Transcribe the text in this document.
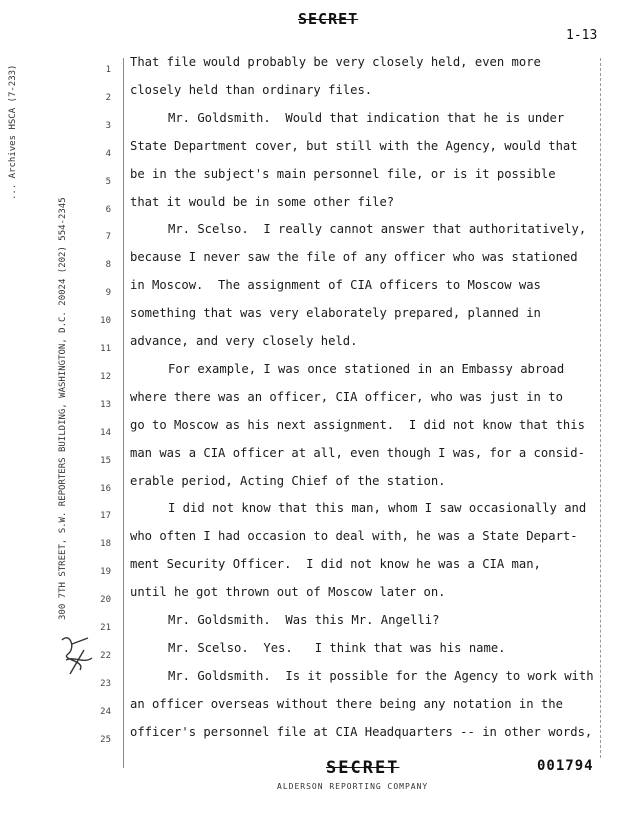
SECRET
1-13
... Archives HSCA (7-233)
300 7TH STREET, S.W. REPORTERS BUILDING, WASHINGTON, D.C. 20024 (202) 554-2345
1
2
3
4
5
6
7
8
9
10
11
12
13
14
15
16
17
18
19
20
21
22
23
24
25
That file would probably be very closely held, even more
closely held than ordinary files.
Mr. Goldsmith.  Would that indication that he is under
State Department cover, but still with the Agency, would that
be in the subject's main personnel file, or is it possible
that it would be in some other file?
Mr. Scelso.  I really cannot answer that authoritatively,
because I never saw the file of any officer who was stationed
in Moscow.  The assignment of CIA officers to Moscow was
something that was very elaborately prepared, planned in
advance, and very closely held.
For example, I was once stationed in an Embassy abroad
where there was an officer, CIA officer, who was just in to
go to Moscow as his next assignment.  I did not know that this
man was a CIA officer at all, even though I was, for a consid-
erable period, Acting Chief of the station.
I did not know that this man, whom I saw occasionally and
who often I had occasion to deal with, he was a State Depart-
ment Security Officer.  I did not know he was a CIA man,
until he got thrown out of Moscow later on.
Mr. Goldsmith.  Was this Mr. Angelli?
Mr. Scelso.  Yes.   I think that was his name.
Mr. Goldsmith.  Is it possible for the Agency to work with
an officer overseas without there being any notation in the
officer's personnel file at CIA Headquarters -- in other words,
SECRET
ALDERSON REPORTING COMPANY
001794
